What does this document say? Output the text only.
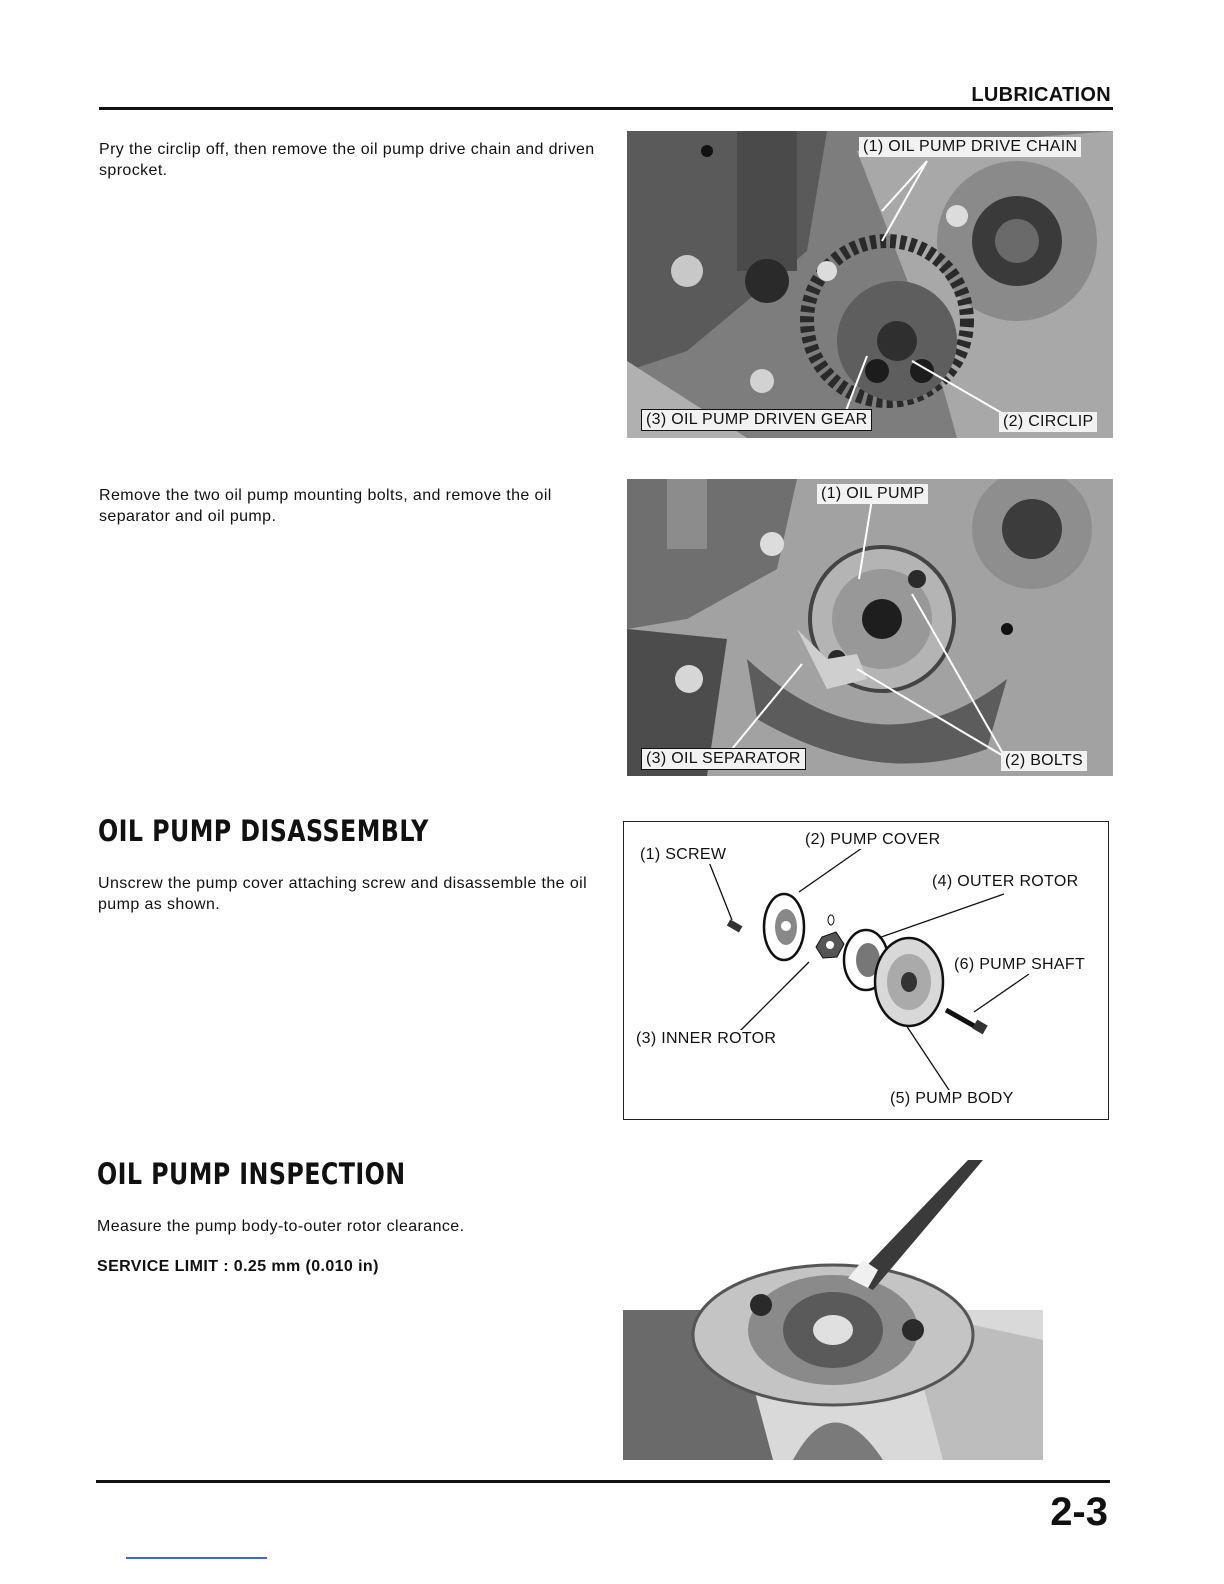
LUBRICATION
Pry the circlip off, then remove the oil pump drive chain and driven sprocket.
(1) OIL PUMP DRIVE CHAIN
(3) OIL PUMP DRIVEN GEAR	(2) CIRCLIP
Remove the two oil pump mounting bolts, and remove the oil separator and oil pump.
(1) OIL PUMP
(3) OIL SEPARATOR	(2) BOLTS
OIL PUMP DISASSEMBLY
Unscrew the pump cover attaching screw and disassemble the oil pump as shown.
(1) SCREW
(2) PUMP COVER
(4) OUTER ROTOR
(6) PUMP SHAFT
(3) INNER ROTOR
(5) PUMP BODY
OIL PUMP INSPECTION
Measure the pump body-to-outer rotor clearance.
SERVICE LIMIT : 0.25 mm (0.010 in)
2-3
